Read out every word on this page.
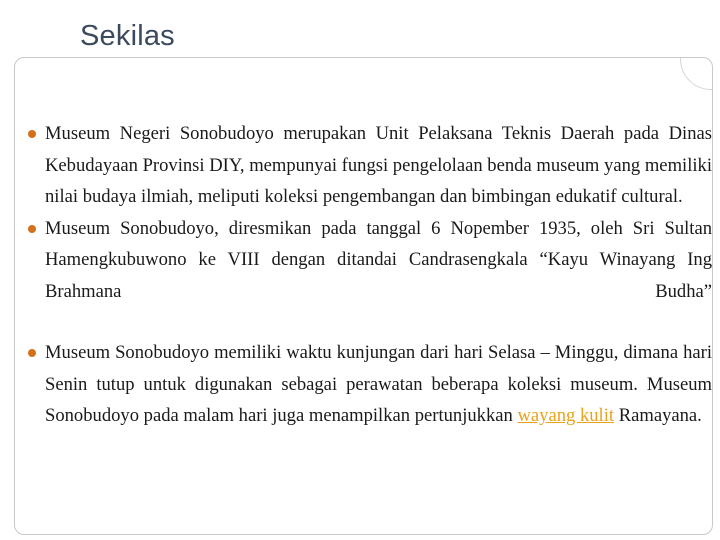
Museum Negeri Sonobudoyo merupakan Unit Pelaksana Teknis Daerah pada Dinas Kebudayaan Provinsi DIY, mempunyai fungsi pengelolaan benda museum yang memiliki nilai budaya ilmiah, meliputi koleksi pengembangan dan bimbingan edukatif cultural.
Museum Sonobudoyo, diresmikan pada tanggal 6 Nopember 1935, oleh Sri Sultan Hamengkubuwono ke VIII dengan ditandai Candrasengkala “Kayu Winayang Ing Brahmana Budha”
Museum Sonobudoyo memiliki waktu kunjungan dari hari Selasa – Minggu, dimana hari Senin tutup untuk digunakan sebagai perawatan beberapa koleksi museum. Museum Sonobudoyo pada malam hari juga menampilkan pertunjukkan wayang kulit Ramayana.
Sekilas
